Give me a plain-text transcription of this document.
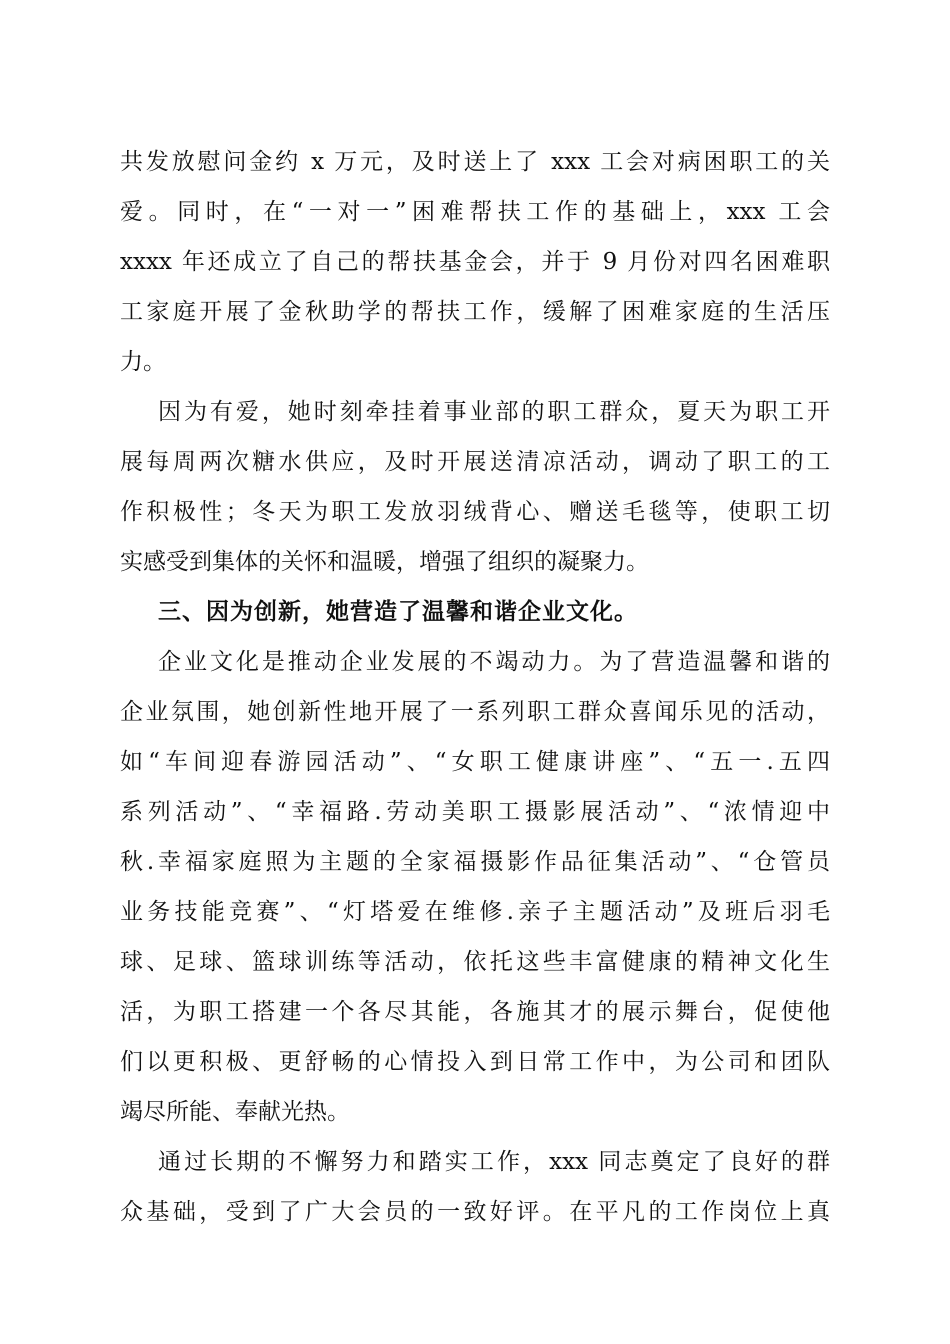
共发放慰问金约 x 万元，及时送上了 xxx 工会对病困职工的关
爱。同时，在“一对一”困难帮扶工作的基础上，xxx 工会
xxxx 年还成立了自己的帮扶基金会，并于 9 月份对四名困难职
工家庭开展了金秋助学的帮扶工作，缓解了困难家庭的生活压
力。
因为有爱，她时刻牵挂着事业部的职工群众，夏天为职工开
展每周两次糖水供应，及时开展送清凉活动，调动了职工的工
作积极性；冬天为职工发放羽绒背心、赠送毛毯等，使职工切
实感受到集体的关怀和温暖，增强了组织的凝聚力。
三、因为创新，她营造了温馨和谐企业文化。
企业文化是推动企业发展的不竭动力。为了营造温馨和谐的
企业氛围，她创新性地开展了一系列职工群众喜闻乐见的活动，
如“车间迎春游园活动”、“女职工健康讲座”、“五一.五四
系列活动”、“幸福路.劳动美职工摄影展活动”、“浓情迎中
秋.幸福家庭照为主题的全家福摄影作品征集活动”、“仓管员
业务技能竞赛”、“灯塔爱在维修.亲子主题活动”及班后羽毛
球、足球、篮球训练等活动，依托这些丰富健康的精神文化生
活，为职工搭建一个各尽其能，各施其才的展示舞台，促使他
们以更积极、更舒畅的心情投入到日常工作中，为公司和团队
竭尽所能、奉献光热。
通过长期的不懈努力和踏实工作，xxx 同志奠定了良好的群
众基础，受到了广大会员的一致好评。在平凡的工作岗位上真
